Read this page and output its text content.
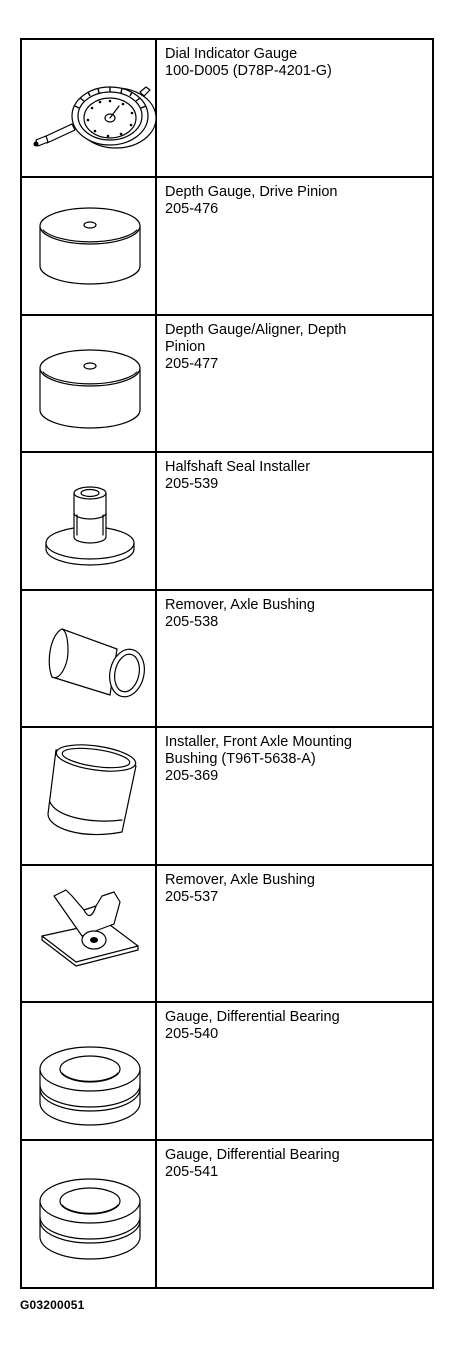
Dial Indicator Gauge
100-D005 (D78P-4201-G)
Depth Gauge, Drive Pinion
205-476
Depth Gauge/Aligner, Depth
Pinion
205-477
Halfshaft Seal Installer
205-539
Remover, Axle Bushing
205-538
Installer, Front Axle Mounting
Bushing (T96T-5638-A)
205-369
Remover, Axle Bushing
205-537
Gauge, Differential Bearing
205-540
Gauge, Differential Bearing
205-541
G03200051
